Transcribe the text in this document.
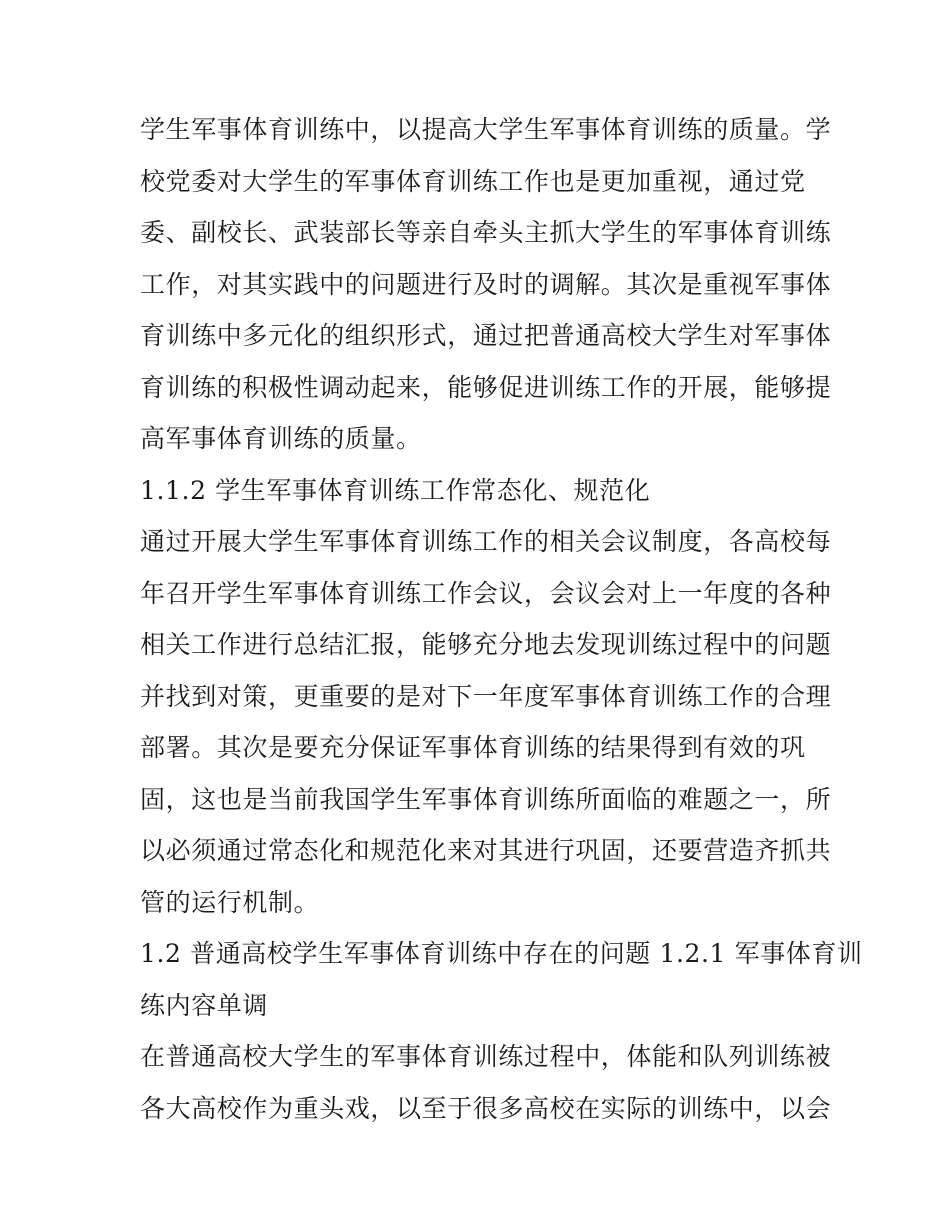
学生军事体育训练中，以提高大学生军事体育训练的质量。学
校党委对大学生的军事体育训练工作也是更加重视，通过党
委、副校长、武装部长等亲自牵头主抓大学生的军事体育训练
工作，对其实践中的问题进行及时的调解。其次是重视军事体
育训练中多元化的组织形式，通过把普通高校大学生对军事体
育训练的积极性调动起来，能够促进训练工作的开展，能够提
高军事体育训练的质量。
1.1.2 学生军事体育训练工作常态化、规范化
通过开展大学生军事体育训练工作的相关会议制度，各高校每
年召开学生军事体育训练工作会议，会议会对上一年度的各种
相关工作进行总结汇报，能够充分地去发现训练过程中的问题
并找到对策，更重要的是对下一年度军事体育训练工作的合理
部署。其次是要充分保证军事体育训练的结果得到有效的巩
固，这也是当前我国学生军事体育训练所面临的难题之一，所
以必须通过常态化和规范化来对其进行巩固，还要营造齐抓共
管的运行机制。
1.2 普通高校学生军事体育训练中存在的问题 1.2.1 军事体育训
练内容单调
在普通高校大学生的军事体育训练过程中，体能和队列训练被
各大高校作为重头戏，以至于很多高校在实际的训练中，以会
